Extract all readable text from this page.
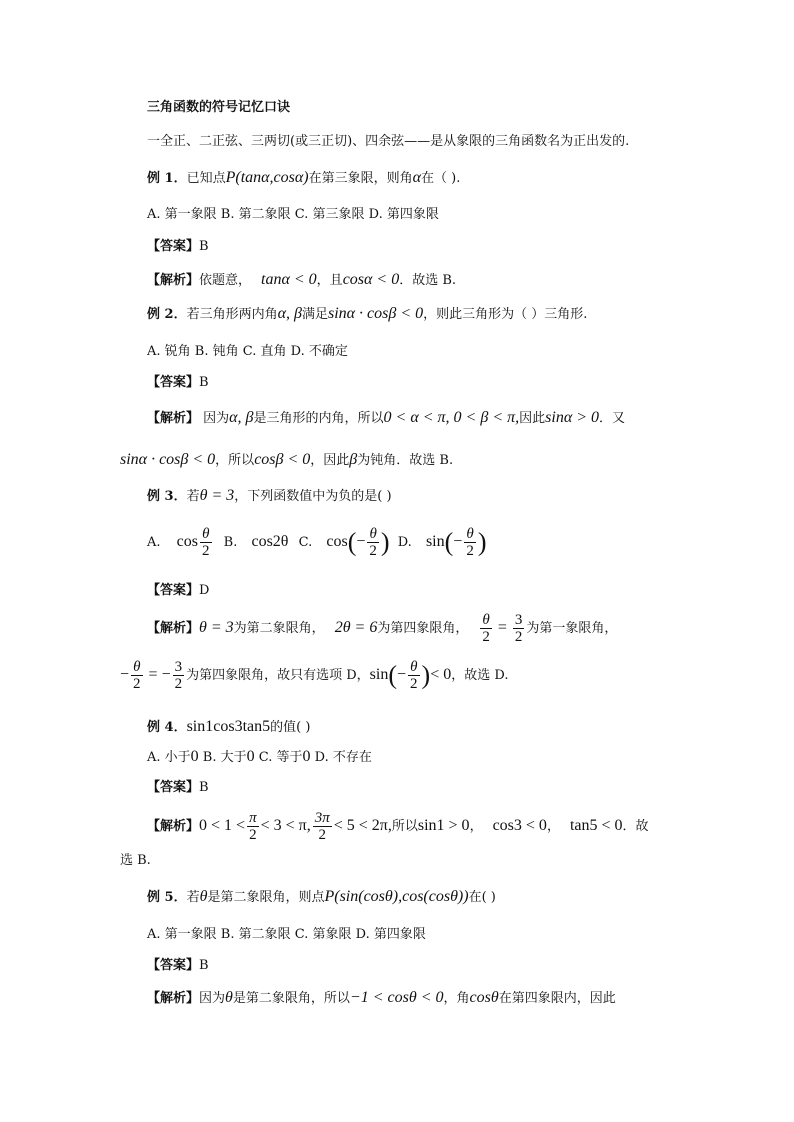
三角函数的符号记忆口诀
一全正、二正弦、三两切(或三正切)、四余弦——是从象限的三角函数名为正出发的.
例 1．已知点P(tanα,cosα)在第三象限，则角α在（ ).
A. 第一象限 B. 第二象限 C. 第三象限 D. 第四象限
【答案】B
【解析】依题意， tanα < 0，且cosα < 0．故选 B.
例 2．若三角形两内角α, β满足sinα · cosβ < 0，则此三角形为（ ）三角形.
A. 锐角 B. 钝角 C. 直角 D. 不确定
【答案】B
【解析】 因为α, β是三角形的内角，所以0 < α < π, 0 < β < π,因此sinα > 0．又
sinα · cosβ < 0，所以cosβ < 0，因此β为钝角．故选 B.
例 3．若θ = 3，下列函数值中为负的是( )
A. $\cos \frac{\theta}{2} B$. cos2θ C. $\cos(- \frac{\theta}{2}$ ) D. $\sin(- \frac{\theta}{2}$ )
【答案】D
【解析】θ = 3为第二象限角， 2θ = 6为第四象限角， $\frac{\theta}{2} = \frac{3}{2}$ 为第一象限角，
− $\frac{\theta}{2}$ = − $\frac{3}{2}$ 为第四象限角，故只有选项 D，$\sin(- \frac{\theta}{2}$ )< 0，故选 D.
例 4．sin1cos3tan5的值( )
A. 小于0 B. 大于0 C. 等于0 D. 不存在
【答案】B
【解析】$0 < 1 < \frac{\pi}{2} < 3 < \pi$, $\frac{3\pi}{2} < 5 < 2\pi$,所以sin1 > 0， cos3 < 0， tan5 < 0．故
选 B.
例 5．若θ是第二象限角，则点P(sin(cosθ),cos(cosθ))在( )
A. 第一象限 B. 第二象限 C. 第象限 D. 第四象限
【答案】B
【解析】因为θ是第二象限角，所以−1 < cosθ < 0，角cosθ在第四象限内，因此
